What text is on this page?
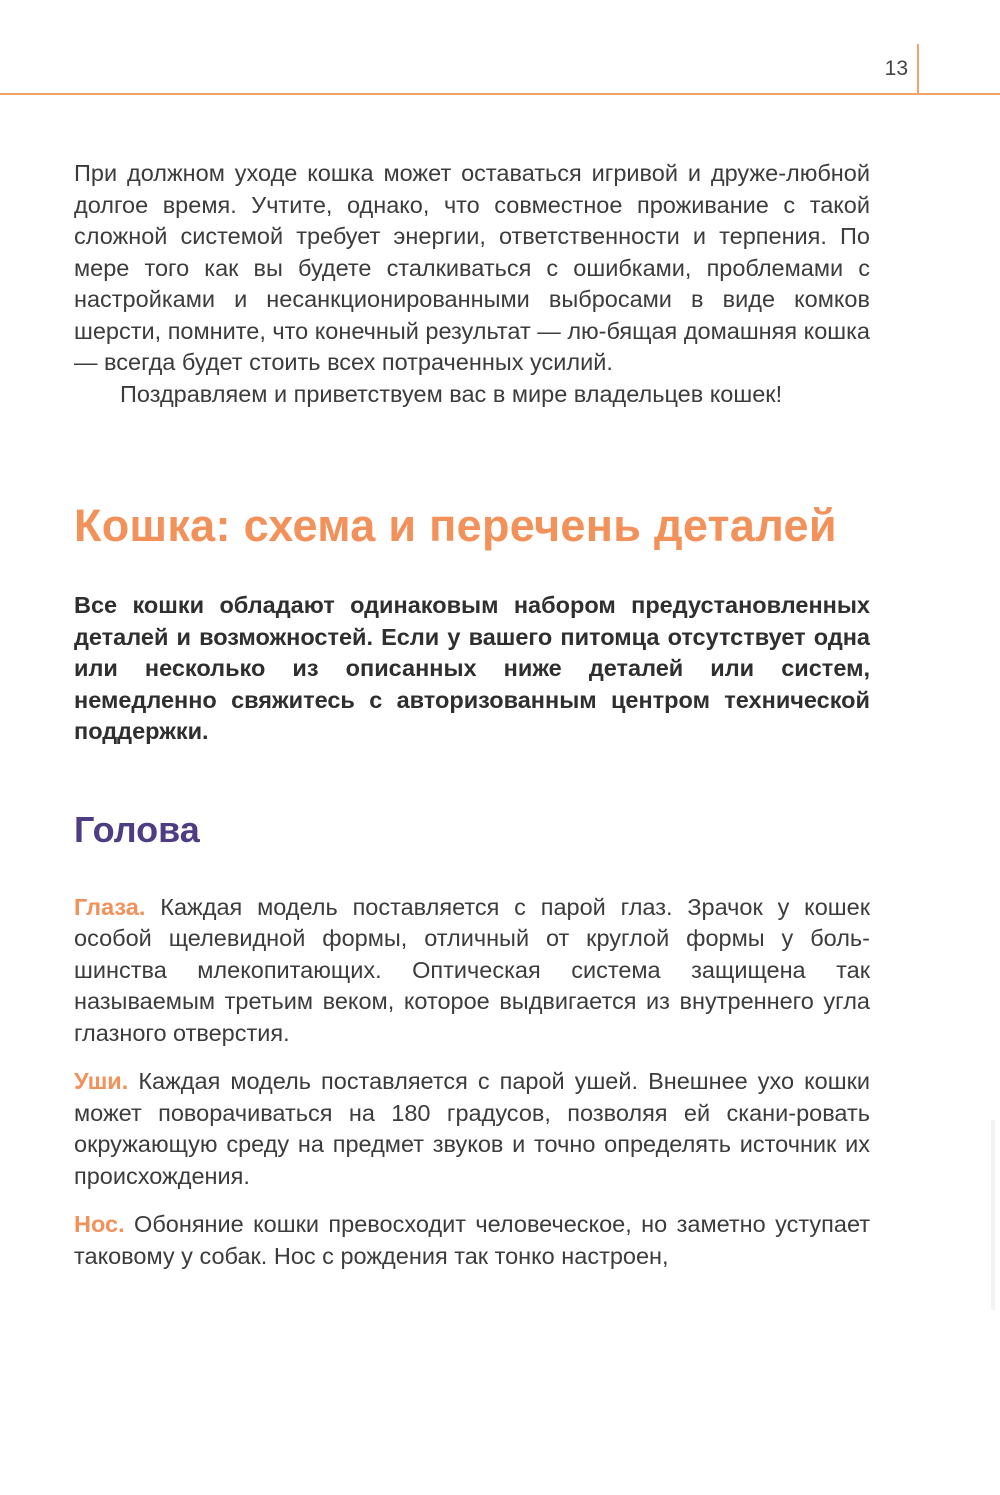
13

При должном уходе кошка может оставаться игривой и друже-любной долгое время. Учтите, однако, что совместное проживание с такой сложной системой требует энергии, ответственности и терпения. По мере того как вы будете сталкиваться с ошибками, проблемами с настройками и несанкционированными выбросами в виде комков шерсти, помните, что конечный результат — лю-бящая домашняя кошка — всегда будет стоить всех потраченных усилий.

Поздравляем и приветствуем вас в мире владельцев кошек!

Кошка: схема и перечень деталей

Все кошки обладают одинаковым набором предустановленных деталей и возможностей. Если у вашего питомца отсутствует одна или несколько из описанных ниже деталей или систем, немедленно свяжитесь с авторизованным центром технической поддержки.

Голова

Глаза. Каждая модель поставляется с парой глаз. Зрачок у кошек особой щелевидной формы, отличный от круглой формы у боль-шинства млекопитающих. Оптическая система защищена так называемым третьим веком, которое выдвигается из внутреннего угла глазного отверстия.

Уши. Каждая модель поставляется с парой ушей. Внешнее ухо кошки может поворачиваться на 180 градусов, позволяя ей скани-ровать окружающую среду на предмет звуков и точно определять источник их происхождения.

Нос. Обоняние кошки превосходит человеческое, но заметно уступает таковому у собак. Нос с рождения так тонко настроен,
